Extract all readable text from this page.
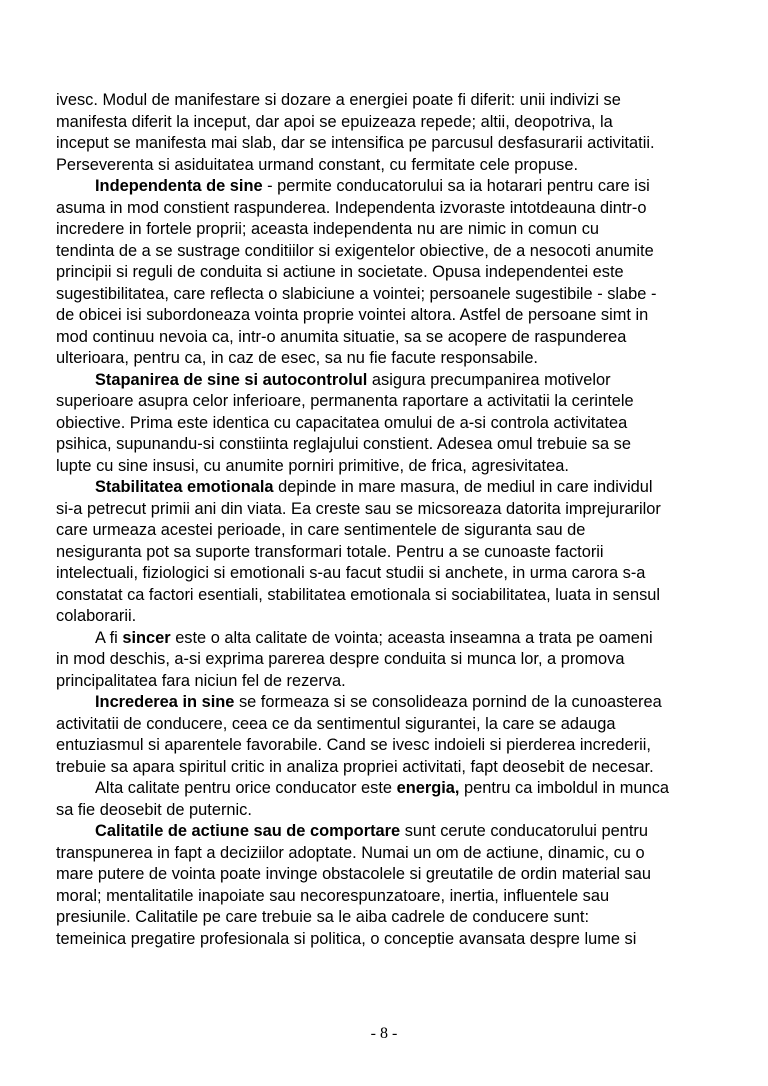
ivesc. Modul de manifestare si dozare a energiei poate fi diferit: unii indivizi se
manifesta diferit la inceput, dar apoi se epuizeaza repede; altii, deopotriva, la
inceput se manifesta mai slab, dar se intensifica pe parcusul desfasurarii activitatii.
Perseverenta si asiduitatea urmand constant, cu fermitate cele propuse.
Independenta de sine - permite conducatorului sa ia hotarari pentru care isi
asuma in mod constient raspunderea. Independenta izvoraste intotdeauna dintr-o
incredere in fortele proprii; aceasta independenta nu are nimic in comun cu
tendinta de a se sustrage conditiilor si exigentelor obiective, de a nesocoti anumite
principii si reguli de conduita si actiune in societate. Opusa independentei este
sugestibilitatea, care reflecta o slabiciune a vointei; persoanele sugestibile - slabe -
de obicei isi subordoneaza vointa proprie vointei altora. Astfel de persoane simt in
mod continuu nevoia ca, intr-o anumita situatie, sa se acopere de raspunderea
ulterioara, pentru ca, in caz de esec, sa nu fie facute responsabile.
Stapanirea de sine si autocontrolul asigura precumpanirea motivelor
superioare asupra celor inferioare, permanenta raportare a activitatii la cerintele
obiective. Prima este identica cu capacitatea omului de a-si controla activitatea
psihica, supunandu-si constiinta reglajului constient. Adesea omul trebuie sa se
lupte cu sine insusi, cu anumite porniri primitive, de frica, agresivitatea.
Stabilitatea emotionala depinde in mare masura, de mediul in care individul
si-a petrecut primii ani din viata. Ea creste sau se micsoreaza datorita imprejurarilor
care urmeaza acestei perioade, in care sentimentele de siguranta sau de
nesiguranta pot sa suporte transformari totale. Pentru a se cunoaste factorii
intelectuali, fiziologici si emotionali s-au facut studii si anchete, in urma carora s-a
constatat ca factori esentiali, stabilitatea emotionala si sociabilitatea, luata in sensul
colaborarii.
A fi sincer este o alta calitate de vointa; aceasta inseamna a trata pe oameni
in mod deschis, a-si exprima parerea despre conduita si munca lor, a promova
principalitatea fara niciun fel de rezerva.
Increderea in sine se formeaza si se consolideaza pornind de la cunoasterea
activitatii de conducere, ceea ce da sentimentul sigurantei, la care se adauga
entuziasmul si aparentele favorabile. Cand se ivesc indoieli si pierderea increderii,
trebuie sa apara spiritul critic in analiza propriei activitati, fapt deosebit de necesar.
Alta calitate pentru orice conducator este energia, pentru ca imboldul in munca
sa fie deosebit de puternic.
Calitatile de actiune sau de comportare sunt cerute conducatorului pentru
transpunerea in fapt a deciziilor adoptate. Numai un om de actiune, dinamic, cu o
mare putere de vointa poate invinge obstacolele si greutatile de ordin material sau
moral; mentalitatile inapoiate sau necorespunzatoare, inertia, influentele sau
presiunile. Calitatile pe care trebuie sa le aiba cadrele de conducere sunt:
temeinica pregatire profesionala si politica, o conceptie avansata despre lume si
- 8 -
